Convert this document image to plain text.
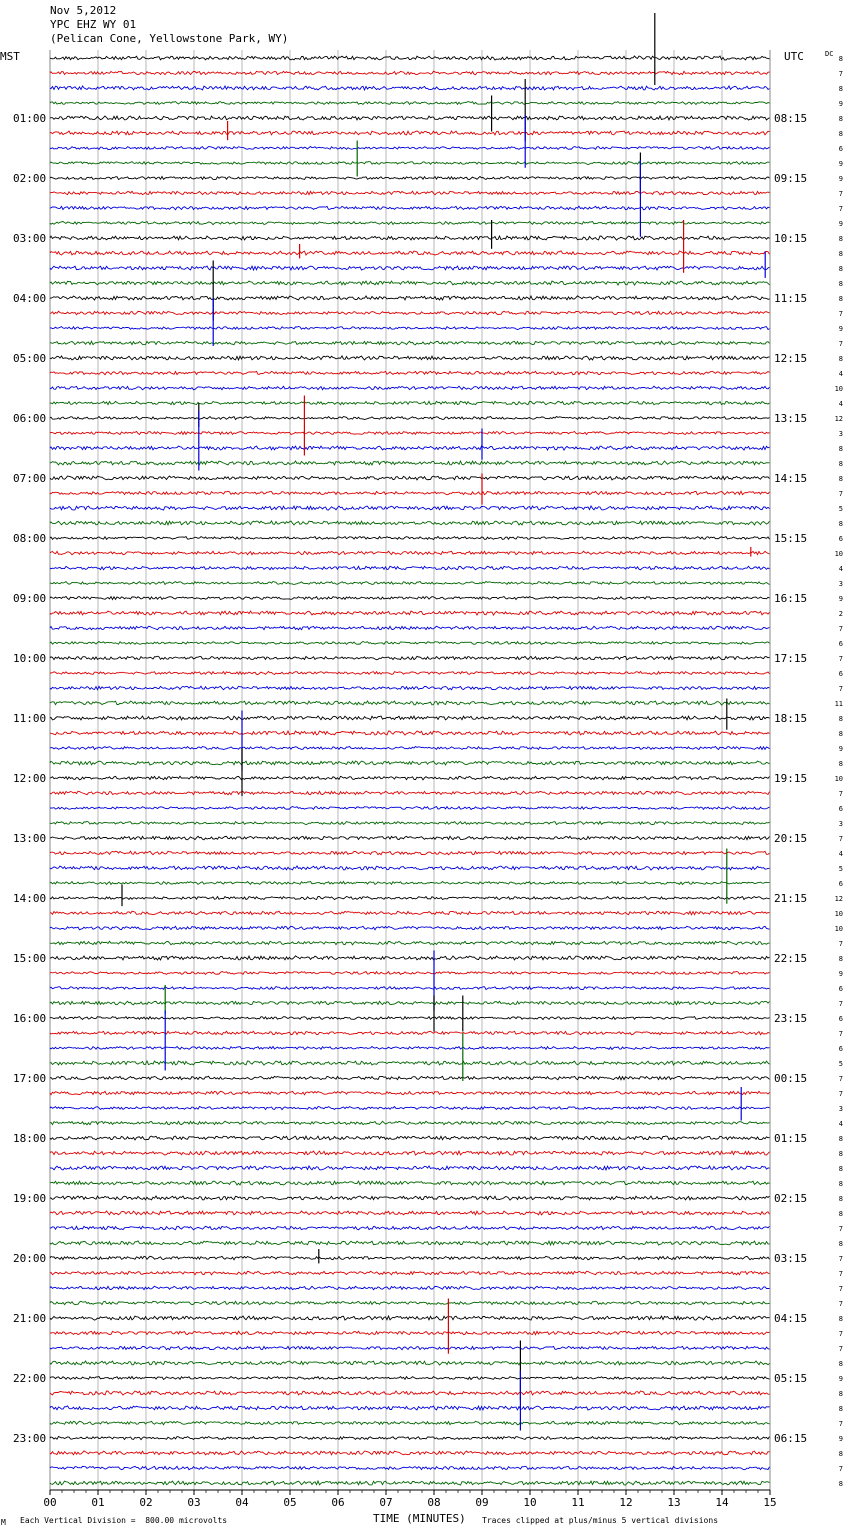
Nov 5,2012
YPC EHZ WY 01
(Pelican Cone, Yellowstone Park, WY)
01:00
02:00
03:00
04:00
05:00
06:00
07:00
08:00
09:00
10:00
11:00
12:00
13:00
14:00
15:00
16:00
17:00
18:00
19:00
20:00
21:00
22:00
23:00
08:15
09:15
10:15
11:15
12:15
13:15
14:15
15:15
16:15
17:15
18:15
19:15
20:15
21:15
22:15
23:15
00:15
01:15
02:15
03:15
04:15
05:15
06:15
8
7
8
9
8
8
6
9
9
7
7
9
8
8
8
8
8
7
9
7
8
4
10
4
12
3
8
8
8
7
5
8
6
10
4
3
9
2
7
6
7
6
7
11
8
8
9
8
10
7
6
3
7
4
5
6
12
10
10
7
8
9
6
7
6
7
6
5
7
7
3
4
8
8
8
8
8
8
7
8
7
7
7
7
8
7
7
8
9
8
8
7
9
8
7
8
00	01	02	03	04	05	06	07	08	09	10	11	12	13	14	15
MST	UTC	DC
TIME (MINUTES)
M Each Vertical Division =  800.00 microvolts	Traces clipped at plus/minus 5 vertical divisions
